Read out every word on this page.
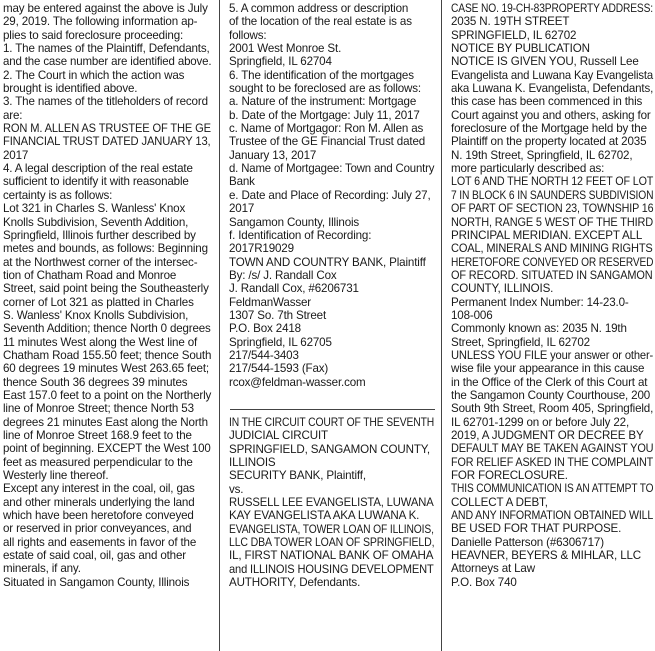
may be entered against the above is July
29, 2019. The following information ap-
plies to said foreclosure proceeding:
1. The names of the Plaintiff, Defendants,
and the case number are identified above.
2. The Court in which the action was
brought is identified above.
3. The names of the titleholders of record
are:
RON M. ALLEN AS TRUSTEE OF THE GE
FINANCIAL TRUST DATED JANUARY 13,
2017
4. A legal description of the real estate
sufficient to identify it with reasonable
certainty is as follows:
Lot 321 in Charles S. Wanless' Knox
Knolls Subdivision, Seventh Addition,
Springfield, Illinois further described by
metes and bounds, as follows: Beginning
at the Northwest corner of the intersec-
tion of Chatham Road and Monroe
Street, said point being the Southeasterly
corner of Lot 321 as platted in Charles
S. Wanless' Knox Knolls Subdivision,
Seventh Addition; thence North 0 degrees
11 minutes West along the West line of
Chatham Road 155.50 feet; thence South
60 degrees 19 minutes West 263.65 feet;
thence South 36 degrees 39 minutes
East 157.0 feet to a point on the Northerly
line of Monroe Street; thence North 53
degrees 21 minutes East along the North
line of Monroe Street 168.9 feet to the
point of beginning. EXCEPT the West 100
feet as measured perpendicular to the
Westerly line thereof.
Except any interest in the coal, oil, gas
and other minerals underlying the land
which have been heretofore conveyed
or reserved in prior conveyances, and
all rights and easements in favor of the
estate of said coal, oil, gas and other
minerals, if any.
Situated in Sangamon County, Illinois
5. A common address or description
of the location of the real estate is as
follows:
2001 West Monroe St.
Springfield, IL 62704
6. The identification of the mortgages
sought to be foreclosed are as follows:
a. Nature of the instrument: Mortgage
b. Date of the Mortgage: July 11, 2017
c. Name of Mortgagor: Ron M. Allen as
Trustee of the GE Financial Trust dated
January 13, 2017
d. Name of Mortgagee: Town and Country
Bank
e. Date and Place of Recording: July 27,
2017
Sangamon County, Illinois
f. Identification of Recording:
2017R19029
TOWN AND COUNTRY BANK, Plaintiff
By: /s/ J. Randall Cox
J. Randall Cox, #6206731
FeldmanWasser
1307 So. 7th Street
P.O. Box 2418
Springfield, IL 62705
217/544-3403
217/544-1593 (Fax)
rcox@feldman-wasser.com
IN THE CIRCUIT COURT OF THE SEVENTH
JUDICIAL CIRCUIT
SPRINGFIELD, SANGAMON COUNTY,
ILLINOIS
SECURITY BANK, Plaintiff,
vs.
RUSSELL LEE EVANGELISTA, LUWANA
KAY EVANGELISTA AKA LUWANA K.
EVANGELISTA, TOWER LOAN OF ILLINOIS,
LLC DBA TOWER LOAN OF SPRINGFIELD,
IL, FIRST NATIONAL BANK OF OMAHA
and ILLINOIS HOUSING DEVELOPMENT
AUTHORITY, Defendants.
CASE NO. 19-CH-83PROPERTY ADDRESS:
2035 N. 19TH STREET
SPRINGFIELD, IL 62702
NOTICE BY PUBLICATION
NOTICE IS GIVEN YOU, Russell Lee
Evangelista and Luwana Kay Evangelista
aka Luwana K. Evangelista, Defendants,
this case has been commenced in this
Court against you and others, asking for
foreclosure of the Mortgage held by the
Plaintiff on the property located at 2035
N. 19th Street, Springfield, IL 62702,
more particularly described as:
LOT 6 AND THE NORTH 12 FEET OF LOT
7 IN BLOCK 6 IN SAUNDERS SUBDIVISION
OF PART OF SECTION 23, TOWNSHIP 16
NORTH, RANGE 5 WEST OF THE THIRD
PRINCIPAL MERIDIAN. EXCEPT ALL
COAL, MINERALS AND MINING RIGHTS
HERETOFORE CONVEYED OR RESERVED
OF RECORD. SITUATED IN SANGAMON
COUNTY, ILLINOIS.
Permanent Index Number: 14-23.0-
108-006
Commonly known as: 2035 N. 19th
Street, Springfield, IL 62702
UNLESS YOU FILE your answer or other-
wise file your appearance in this cause
in the Office of the Clerk of this Court at
the Sangamon County Courthouse, 200
South 9th Street, Room 405, Springfield,
IL 62701-1299 on or before July 22,
2019, A JUDGMENT OR DECREE BY
DEFAULT MAY BE TAKEN AGAINST YOU
FOR RELIEF ASKED IN THE COMPLAINT
FOR FORECLOSURE.
THIS COMMUNICATION IS AN ATTEMPT TO
COLLECT A DEBT,
AND ANY INFORMATION OBTAINED WILL
BE USED FOR THAT PURPOSE.
Danielle Patterson (#6306717)
HEAVNER, BEYERS & MIHLAR, LLC
Attorneys at Law
P.O. Box 740
